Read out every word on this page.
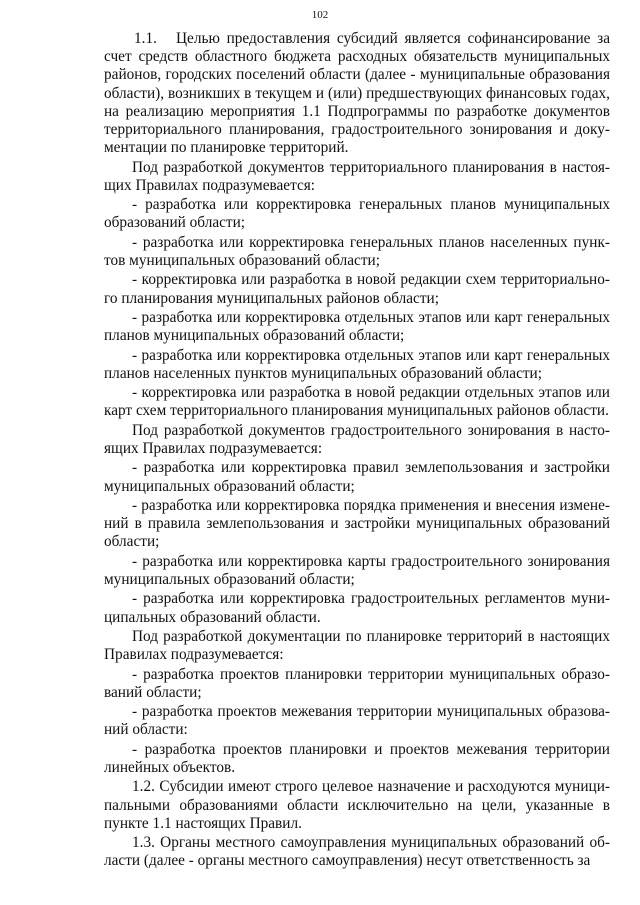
102

1.1. Целью предоставления субсидий является софинансирование за счет средств областного бюджета расходных обязательств муниципальных районов, городских поселений области (далее - муниципальные образования области), возникших в текущем и (или) предшествующих финансовых годах, на реализацию мероприятия 1.1 Подпрограммы по разработке документов территориального планирования, градостроительного зонирования и документации по планировке территорий.

Под разработкой документов территориального планирования в настоящих Правилах подразумевается:

- разработка или корректировка генеральных планов муниципальных образований области;

- разработка или корректировка генеральных планов населенных пунктов муниципальных образований области;

- корректировка или разработка в новой редакции схем территориального планирования муниципальных районов области;

- разработка или корректировка отдельных этапов или карт генеральных планов муниципальных образований области;

- разработка или корректировка отдельных этапов или карт генеральных планов населенных пунктов муниципальных образований области;

- корректировка или разработка в новой редакции отдельных этапов или карт схем территориального планирования муниципальных районов области.

Под разработкой документов градостроительного зонирования в настоящих Правилах подразумевается:

- разработка или корректировка правил землепользования и застройки муниципальных образований области;

- разработка или корректировка порядка применения и внесения изменений в правила землепользования и застройки муниципальных образований области;

- разработка или корректировка карты градостроительного зонирования муниципальных образований области;

- разработка или корректировка градостроительных регламентов муниципальных образований области.

Под разработкой документации по планировке территорий в настоящих Правилах подразумевается:

- разработка проектов планировки территории муниципальных образований области;

- разработка проектов межевания территории муниципальных образований области:

- разработка проектов планировки и проектов межевания территории линейных объектов.

1.2. Субсидии имеют строго целевое назначение и расходуются муниципальными образованиями области исключительно на цели, указанные в пункте 1.1 настоящих Правил.

1.3. Органы местного самоуправления муниципальных образований области (далее - органы местного самоуправления) несут ответственность за
